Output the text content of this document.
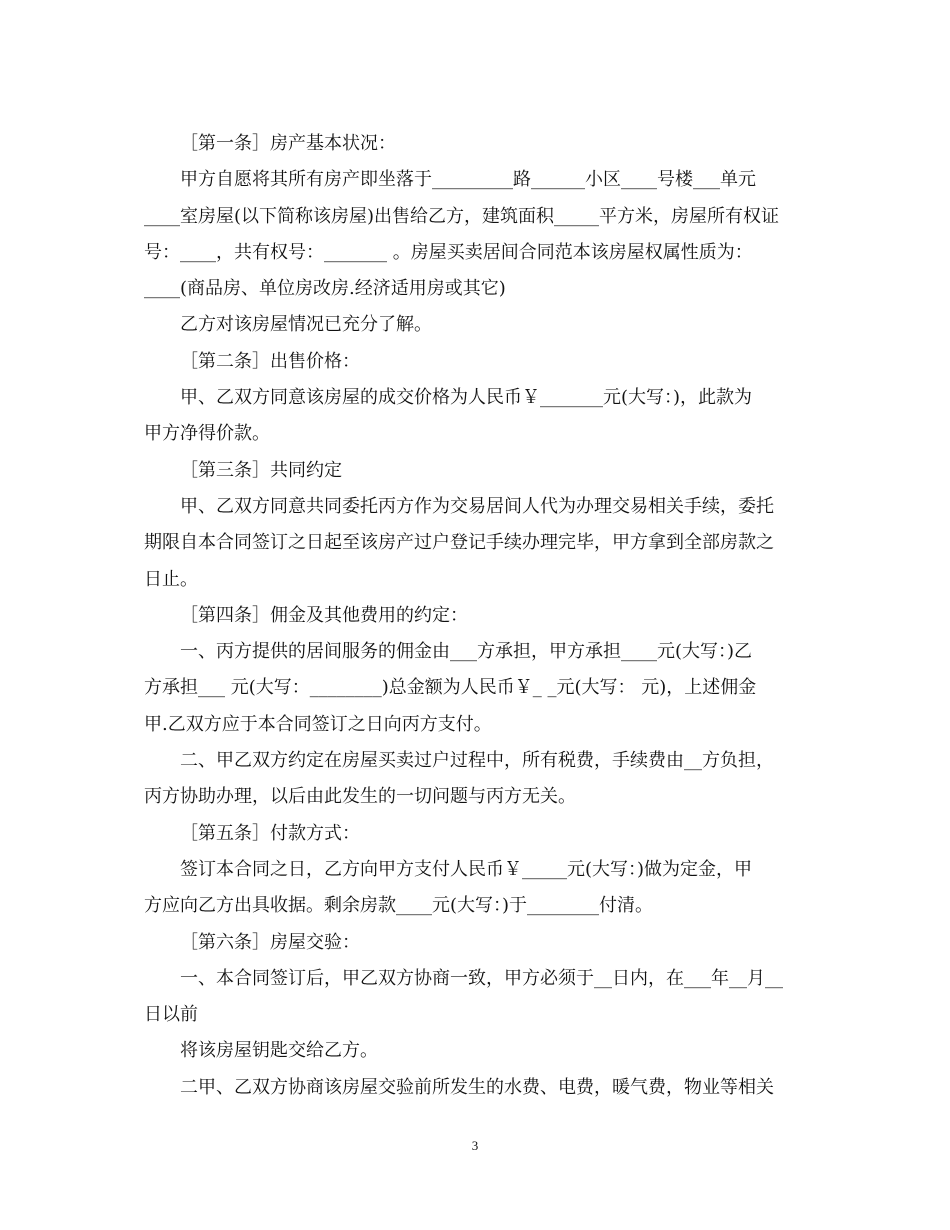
［第一条］房产基本状况：
甲方自愿将其所有房产即坐落于_________路______小区____号楼___单元
____室房屋(以下简称该房屋)出售给乙方，建筑面积_____平方米，房屋所有权证
号：____，共有权号：_______ 。房屋买卖居间合同范本该房屋权属性质为：
____(商品房、单位房改房.经济适用房或其它)
乙方对该房屋情况已充分了解。
［第二条］出售价格：
甲、乙双方同意该房屋的成交价格为人民币￥_______元(大写：)，此款为
甲方净得价款。
［第三条］共同约定
甲、乙双方同意共同委托丙方作为交易居间人代为办理交易相关手续，委托
期限自本合同签订之日起至该房产过户登记手续办理完毕，甲方拿到全部房款之
日止。
［第四条］佣金及其他费用的约定：
一、丙方提供的居间服务的佣金由___方承担，甲方承担____元(大写：)乙
方承担___ 元(大写：________)总金额为人民币￥_ _元(大写： 元)，上述佣金
甲.乙双方应于本合同签订之日向丙方支付。
二、甲乙双方约定在房屋买卖过户过程中，所有税费，手续费由__方负担，
丙方协助办理，以后由此发生的一切问题与丙方无关。
［第五条］付款方式：
签订本合同之日，乙方向甲方支付人民币￥_____元(大写：)做为定金，甲
方应向乙方出具收据。剩余房款____元(大写：)于________付清。
［第六条］房屋交验：
一、本合同签订后，甲乙双方协商一致，甲方必须于__日内，在___年__月__
日以前
将该房屋钥匙交给乙方。
二甲、乙双方协商该房屋交验前所发生的水费、电费，暖气费，物业等相关
3
